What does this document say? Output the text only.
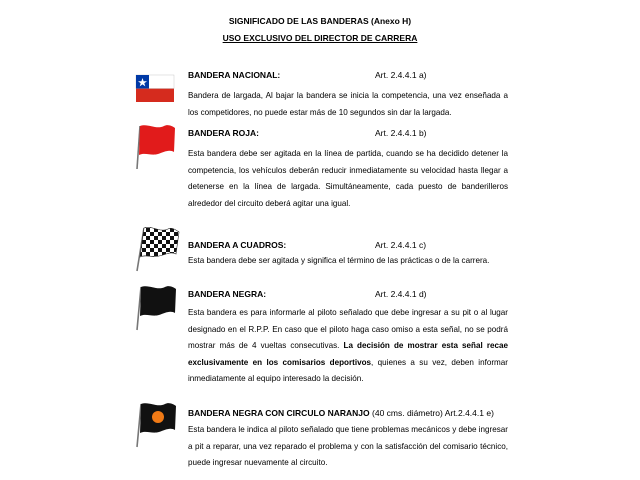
SIGNIFICADO DE LAS BANDERAS (Anexo H)
USO EXCLUSIVO DEL DIRECTOR DE CARRERA
BANDERA NACIONAL:	Art. 2.4.4.1 a)
Bandera de largada, Al bajar la bandera se inicia la competencia, una vez enseñada a los competidores, no puede estar más de 10 segundos sin dar la largada.
BANDERA ROJA:	Art. 2.4.4.1 b)
Esta bandera debe ser agitada en la línea de partida, cuando se ha decidido detener la competencia, los vehículos deberán reducir inmediatamente su velocidad hasta llegar a detenerse en la línea de largada. Simultáneamente, cada puesto de banderilleros alrededor del circuito deberá agitar una igual.
BANDERA A CUADROS:	Art. 2.4.4.1 c)
Esta bandera debe ser agitada y significa el término de las prácticas o de la carrera.
BANDERA NEGRA:	Art. 2.4.4.1 d)
Esta bandera es para informarle al piloto señalado que debe ingresar a su pit o al lugar designado en el R.P.P. En caso que el piloto haga caso omiso a esta señal, no se podrá mostrar más de 4 vueltas consecutivas. La decisión de mostrar esta señal recae exclusivamente en los comisarios deportivos, quienes a su vez, deben informar inmediatamente al equipo interesado la decisión.
BANDERA NEGRA CON CIRCULO NARANJO (40 cms. diámetro) Art.2.4.4.1 e)
Esta bandera le indica al piloto señalado que tiene problemas mecánicos y debe ingresar a pit a reparar, una vez reparado el problema y con la satisfacción del comisario técnico, puede ingresar nuevamente al circuito.
